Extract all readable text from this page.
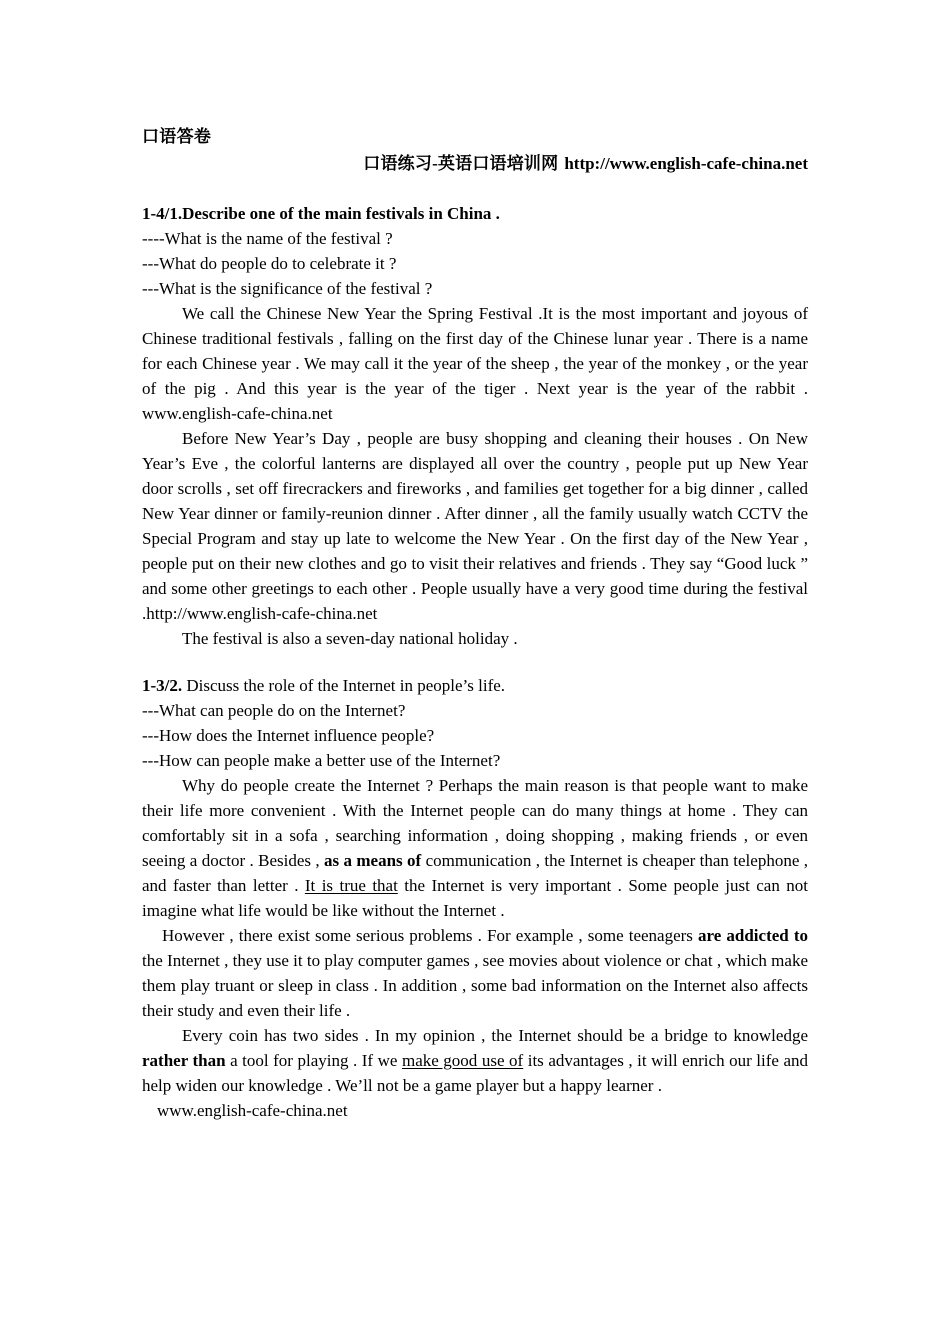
口语答卷
口语练习-英语口语培训网 http://www.english-cafe-china.net
1-4/1.Describe one of the main festivals in China .
----What is the name of the festival ?
---What do people do to celebrate it ?
---What is the significance of the festival ?

We call the Chinese New Year the Spring Festival .It is the most important and joyous of Chinese traditional festivals , falling on the first day of the Chinese lunar year . There is a name for each Chinese year . We may call it the year of the sheep , the year of the monkey , or the year of the pig . And this year is the year of the tiger . Next year is the year of the rabbit . www.english-cafe-china.net

Before New Year’s Day , people are busy shopping and cleaning their houses . On New Year’s Eve , the colorful lanterns are displayed all over the country , people put up New Year door scrolls , set off firecrackers and fireworks , and families get together for a big dinner , called New Year dinner or family-reunion dinner . After dinner , all the family usually watch CCTV the Special Program and stay up late to welcome the New Year . On the first day of the New Year , people put on their new clothes and go to visit their relatives and friends . They say “Good luck ” and some other greetings to each other . People usually have a very good time during the festival .http://www.english-cafe-china.net

The festival is also a seven-day national holiday .

1-3/2. Discuss the role of the Internet in people’s life.
---What can people do on the Internet?
---How does the Internet influence people?
---How can people make a better use of the Internet?

Why do people create the Internet ? Perhaps the main reason is that people want to make their life more convenient . With the Internet people can do many things at home . They can comfortably sit in a sofa , searching information , doing shopping , making friends , or even seeing a doctor . Besides , as a means of communication , the Internet is cheaper than telephone , and faster than letter . It is true that the Internet is very important . Some people just can not imagine what life would be like without the Internet .

However , there exist some serious problems . For example , some teenagers are addicted to the Internet , they use it to play computer games , see movies about violence or chat , which make them play truant or sleep in class . In addition , some bad information on the Internet also affects their study and even their life .

Every coin has two sides . In my opinion , the Internet should be a bridge to knowledge rather than a tool for playing . If we make good use of its advantages , it will enrich our life and help widen our knowledge . We’ll not be a game player but a happy learner .

www.english-cafe-china.net
